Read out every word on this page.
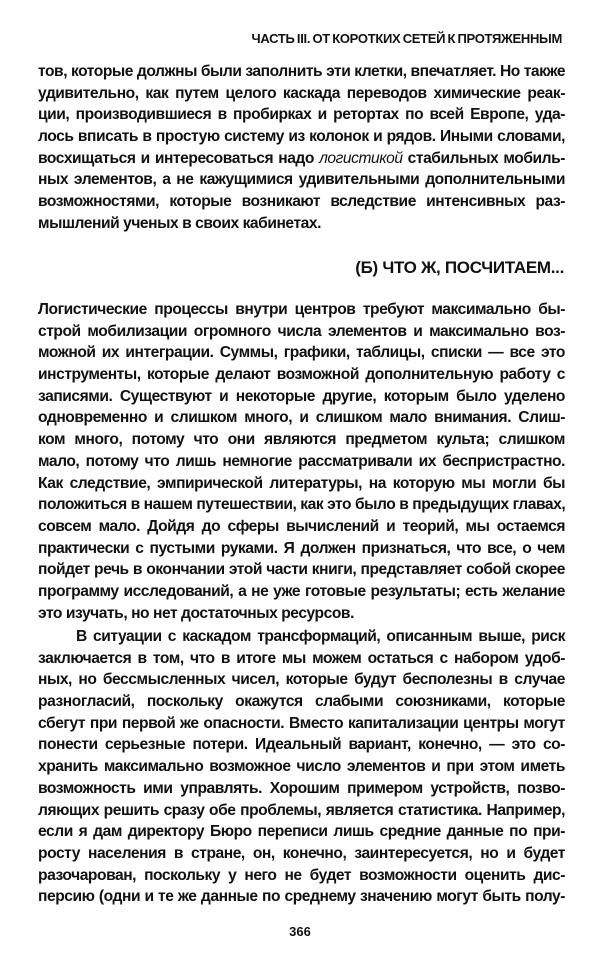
ЧАСТЬ III. ОТ КОРОТКИХ СЕТЕЙ К ПРОТЯЖЕННЫМ
тов, которые должны были заполнить эти клетки, впечатляет. Но также
удивительно, как путем целого каскада переводов химические реак-
ции, производившиеся в пробирках и ретортах по всей Европе, уда-
лось вписать в простую систему из колонок и рядов. Иными словами,
восхищаться и интересоваться надо логистикой стабильных мобиль-
ных элементов, а не кажущимися удивительными дополнительными
возможностями, которые возникают вследствие интенсивных раз-
мышлений ученых в своих кабинетах.
(Б) ЧТО Ж, ПОСЧИТАЕМ...
Логистические процессы внутри центров требуют максимально бы-
строй мобилизации огромного числа элементов и максимально воз-
можной их интеграции. Суммы, графики, таблицы, списки — все это
инструменты, которые делают возможной дополнительную работу с
записями. Существуют и некоторые другие, которым было уделено
одновременно и слишком много, и слишком мало внимания. Слиш-
ком много, потому что они являются предметом культа; слишком
мало, потому что лишь немногие рассматривали их беспристрастно.
Как следствие, эмпирической литературы, на которую мы могли бы
положиться в нашем путешествии, как это было в предыдущих главах,
совсем мало. Дойдя до сферы вычислений и теорий, мы остаемся
практически с пустыми руками. Я должен признаться, что все, о чем
пойдет речь в окончании этой части книги, представляет собой скорее
программу исследований, а не уже готовые результаты; есть желание
это изучать, но нет достаточных ресурсов.
В ситуации с каскадом трансформаций, описанным выше, риск
заключается в том, что в итоге мы можем остаться с набором удоб-
ных, но бессмысленных чисел, которые будут бесполезны в случае
разногласий, поскольку окажутся слабыми союзниками, которые
сбегут при первой же опасности. Вместо капитализации центры могут
понести серьезные потери. Идеальный вариант, конечно, — это со-
хранить максимально возможное число элементов и при этом иметь
возможность ими управлять. Хорошим примером устройств, позво-
ляющих решить сразу обе проблемы, является статистика. Например,
если я дам директору Бюро переписи лишь средние данные по при-
росту населения в стране, он, конечно, заинтересуется, но и будет
разочарован, поскольку у него не будет возможности оценить дис-
персию (одни и те же данные по среднему значению могут быть полу-
366
